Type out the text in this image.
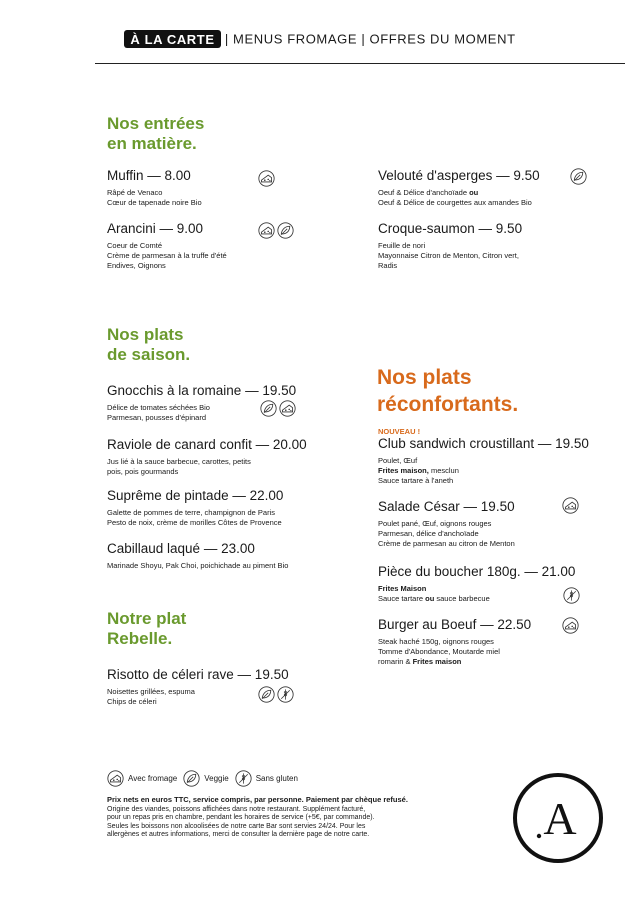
À LA CARTE | MENUS FROMAGE | OFFRES DU MOMENT

Nos entrées

en matière.

Muffin — 8.00

Râpé de Venaco
Cœur de tapenade noire Bio

Arancini — 9.00

Coeur de Comté
Crème de parmesan à la truffe d'été
Endives, Oignons

Velouté d'asperges — 9.50

Oeuf & Délice d'anchoïade ou
Oeuf & Délice de courgettes aux amandes Bio

Croque-saumon — 9.50

Feuille de nori
Mayonnaise Citron de Menton, Citron vert,
Radis

Nos plats

de saison.

Gnocchis à la romaine — 19.50

Délice de tomates séchées Bio
Parmesan, pousses d'épinard

Raviole de canard confit — 20.00

Jus lié à la sauce barbecue, carottes, petits
pois, pois gourmands

Suprême de pintade — 22.00

Galette de pommes de terre, champignon de Paris
Pesto de noix, crème de morilles Côtes de Provence

Cabillaud laqué — 23.00

Marinade Shoyu, Pak Choi, poichichade au piment Bio

Notre plat

Rebelle.

Risotto de céleri rave — 19.50

Noisettes grillées, espuma
Chips de céleri

Nos plats

réconfortants.

NOUVEAU !

Club sandwich croustillant — 19.50

Poulet, Œuf
Frites maison, mesclun
Sauce tartare à l'aneth

Salade César — 19.50

Poulet pané, Œuf, oignons rouges
Parmesan, délice d'anchoïade
Crème de parmesan au citron de Menton

Pièce du boucher 180g. — 21.00

Frites Maison
Sauce tartare ou sauce barbecue

Burger au Boeuf — 22.50

Steak haché 150g, oignons rouges
Tomme d'Abondance, Moutarde miel
romarin & Frites maison

Avec fromage	Veggie	Sans gluten
Prix nets en euros TTC, service compris, par personne. Paiement par chèque refusé.
Origine des viandes, poissons affichées dans notre restaurant. Supplément facturé,
pour un repas pris en chambre, pendant les horaires de service (+5€, par commande).
Seules les boissons non alcoolisées de notre carte Bar sont servies 24/24. Pour les
allergènes et autres informations, merci de consulter la dernière page de notre carte.	A
